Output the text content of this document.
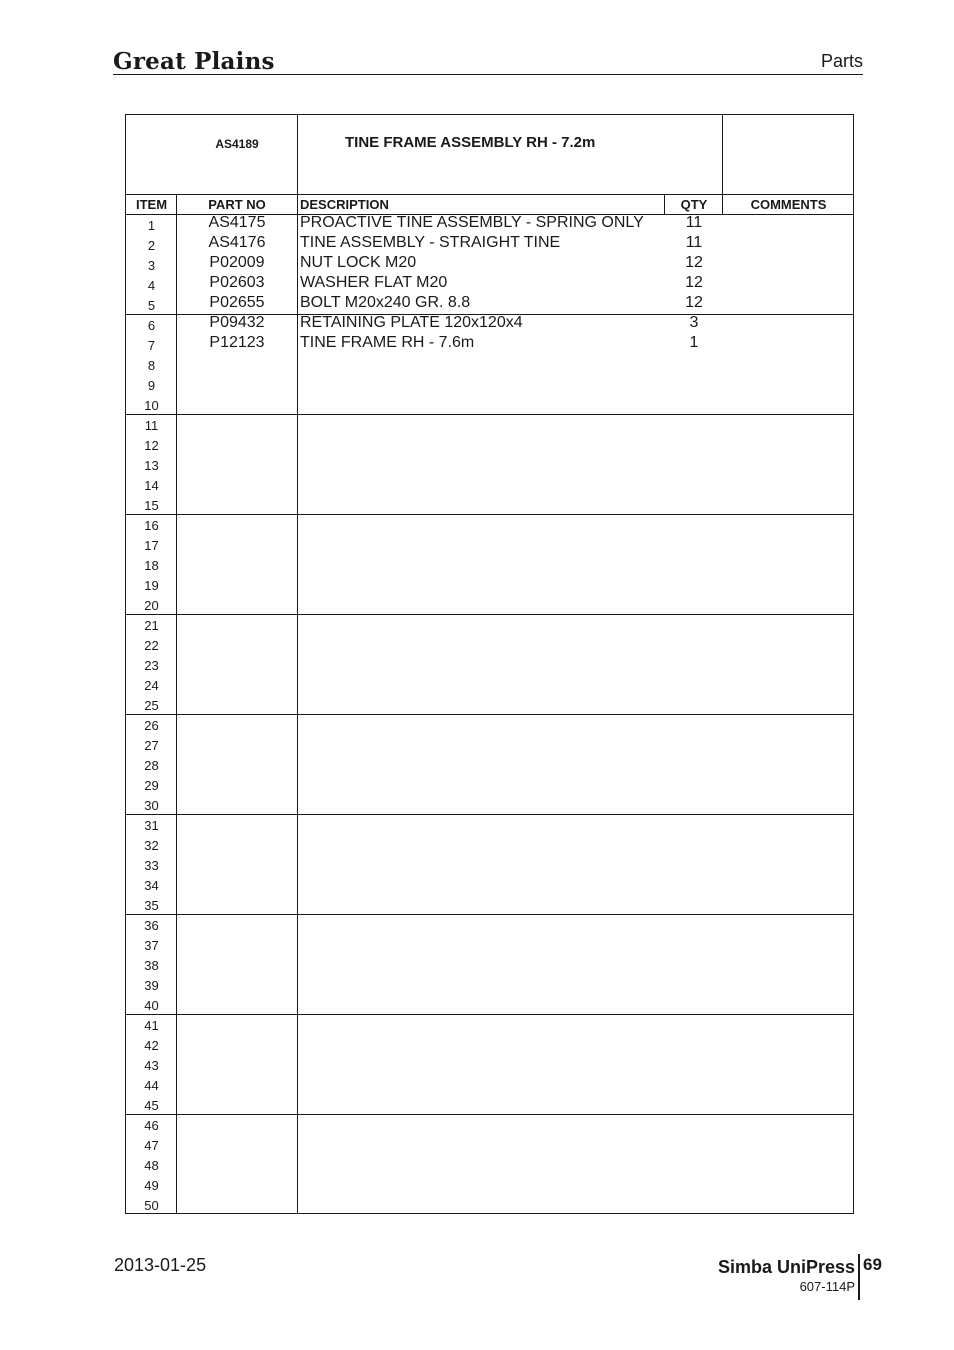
Great Plains	Parts
AS4189	TINE FRAME ASSEMBLY RH - 7.2m
ITEM	PART NO	DESCRIPTION	QTY	COMMENTS
1	AS4175	PROACTIVE TINE ASSEMBLY - SPRING ONLY	11
2	AS4176	TINE ASSEMBLY - STRAIGHT TINE	11
3	P02009	NUT LOCK M20	12
4	P02603	WASHER FLAT M20	12
5	P02655	BOLT M20x240 GR. 8.8	12
6	P09432	RETAINING PLATE 120x120x4	3
7	P12123	TINE FRAME RH - 7.6m	1
8
9
10
11
12
13
14
15
16
17
18
19
20
21
22
23
24
25
26
27
28
29
30
31
32
33
34
35
36
37
38
39
40
41
42
43
44
45
46
47
48
49
50
2013-01-25	Simba UniPress 69
607-114P
